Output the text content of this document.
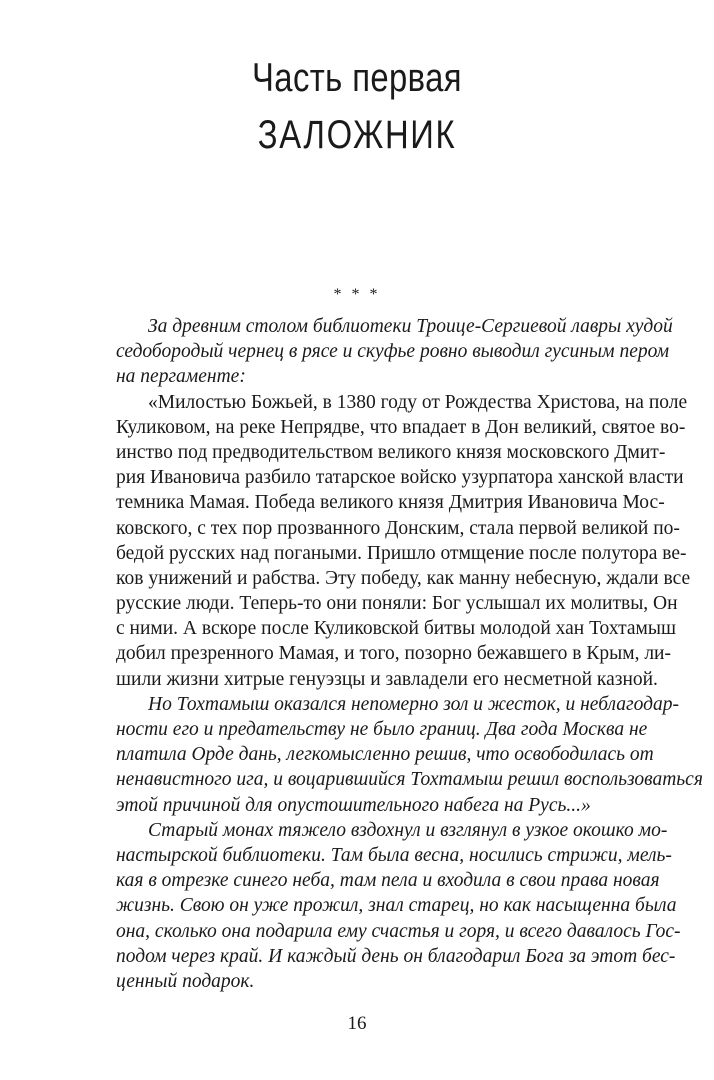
Часть первая
ЗАЛОЖНИК
* * *
За древним столом библиотеки Троице-Сергиевой лавры худой
седобородый чернец в рясе и скуфье ровно выводил гусиным пером
на пергаменте:
«Милостью Божьей, в 1380 году от Рождества Христова, на поле
Куликовом, на реке Непрядве, что впадает в Дон великий, святое во-
инство под предводительством великого князя московского Дмит-
рия Ивановича разбило татарское войско узурпатора ханской власти
темника Мамая. Победа великого князя Дмитрия Ивановича Мос-
ковского, с тех пор прозванного Донским, стала первой великой по-
бедой русских над погаными. Пришло отмщение после полутора ве-
ков унижений и рабства. Эту победу, как манну небесную, ждали все
русские люди. Теперь-то они поняли: Бог услышал их молитвы, Он
с ними. А вскоре после Куликовской битвы молодой хан Тохтамыш
добил презренного Мамая, и того, позорно бежавшего в Крым, ли-
шили жизни хитрые генуэзцы и завладели его несметной казной.
Но Тохтамыш оказался непомерно зол и жесток, и неблагодар-
ности его и предательству не было границ. Два года Москва не
платила Орде дань, легкомысленно решив, что освободилась от
ненавистного ига, и воцарившийся Тохтамыш решил воспользоваться
этой причиной для опустошительного набега на Русь...»
Старый монах тяжело вздохнул и взглянул в узкое окошко мо-
настырской библиотеки. Там была весна, носились стрижи, мель-
кая в отрезке синего неба, там пела и входила в свои права новая
жизнь. Свою он уже прожил, знал старец, но как насыщенна была
она, сколько она подарила ему счастья и горя, и всего давалось Гос-
подом через край. И каждый день он благодарил Бога за этот бес-
ценный подарок.
16
